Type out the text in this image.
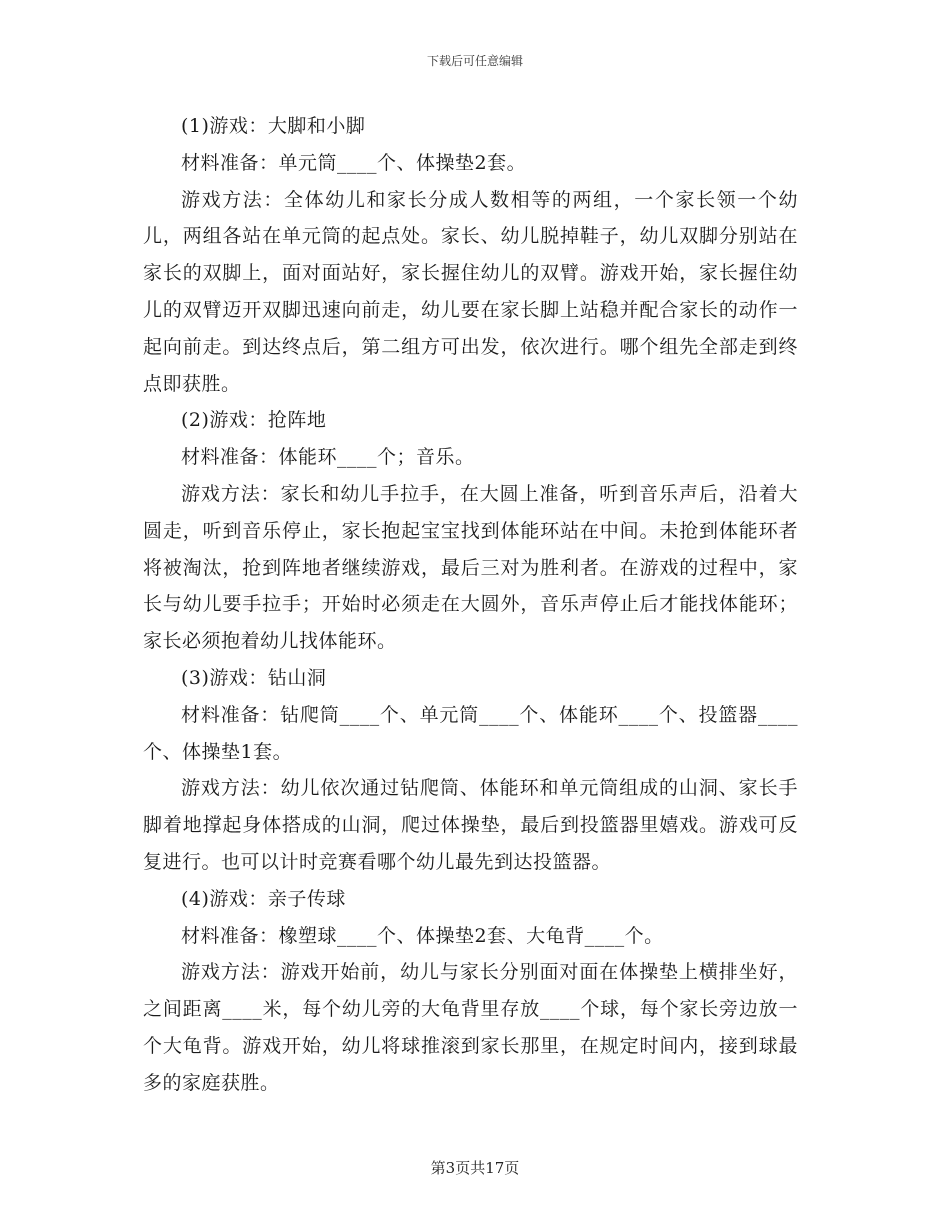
下载后可任意编辑

(1)游戏：大脚和小脚

材料准备：单元筒____个、体操垫2套。

游戏方法：全体幼儿和家长分成人数相等的两组，一个家长领一个幼儿，两组各站在单元筒的起点处。家长、幼儿脱掉鞋子，幼儿双脚分别站在家长的双脚上，面对面站好，家长握住幼儿的双臂。游戏开始，家长握住幼儿的双臂迈开双脚迅速向前走，幼儿要在家长脚上站稳并配合家长的动作一起向前走。到达终点后，第二组方可出发，依次进行。哪个组先全部走到终点即获胜。

(2)游戏：抢阵地

材料准备：体能环____个；音乐。

游戏方法：家长和幼儿手拉手，在大圆上准备，听到音乐声后，沿着大圆走，听到音乐停止，家长抱起宝宝找到体能环站在中间。未抢到体能环者将被淘汰，抢到阵地者继续游戏，最后三对为胜利者。在游戏的过程中，家长与幼儿要手拉手；开始时必须走在大圆外，音乐声停止后才能找体能环；家长必须抱着幼儿找体能环。

(3)游戏：钻山洞

材料准备：钻爬筒____个、单元筒____个、体能环____个、投篮器____个、体操垫1套。

游戏方法：幼儿依次通过钻爬筒、体能环和单元筒组成的山洞、家长手脚着地撑起身体搭成的山洞，爬过体操垫，最后到投篮器里嬉戏。游戏可反复进行。也可以计时竞赛看哪个幼儿最先到达投篮器。

(4)游戏：亲子传球

材料准备：橡塑球____个、体操垫2套、大龟背____个。

游戏方法：游戏开始前，幼儿与家长分别面对面在体操垫上横排坐好，之间距离____米，每个幼儿旁的大龟背里存放____个球，每个家长旁边放一个大龟背。游戏开始，幼儿将球推滚到家长那里，在规定时间内，接到球最多的家庭获胜。

第3页共17页
